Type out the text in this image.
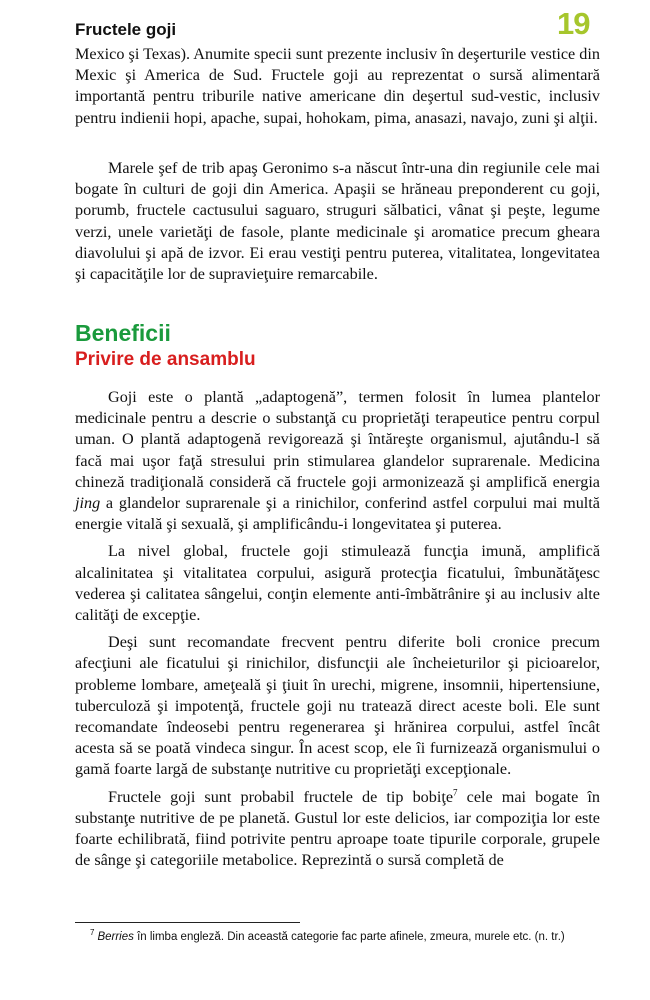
Fructele goji	19

Mexico şi Texas). Anumite specii sunt prezente inclusiv în deşerturile vestice din Mexic şi America de Sud. Fructele goji au reprezentat o sursă alimentară importantă pentru triburile native americane din deşertul sud-vestic, inclusiv pentru indienii hopi, apache, supai, hohokam, pima, anasazi, navajo, zuni şi alţii.

Marele şef de trib apaş Geronimo s-a născut într-una din regiunile cele mai bogate în culturi de goji din America. Apaşii se hrăneau preponderent cu goji, porumb, fructele cactusului saguaro, struguri sălbatici, vânat şi peşte, legume verzi, unele varietăţi de fasole, plante medicinale şi aromatice precum gheara diavolului şi apă de izvor. Ei erau vestiţi pentru puterea, vitalitatea, longevitatea şi capacităţile lor de supravieţuire remarcabile.

Beneficii
Privire de ansamblu

Goji este o plantă „adaptogenă”, termen folosit în lumea plantelor medicinale pentru a descrie o substanţă cu proprietăţi terapeutice pentru corpul uman. O plantă adaptogenă revigorează şi întăreşte organismul, ajutându-l să facă mai uşor faţă stresului prin stimularea glandelor suprarenale. Medicina chineză tradiţională consideră că fructele goji armonizează şi amplifică energia jing a glandelor suprarenale şi a rinichilor, conferind astfel corpului mai multă energie vitală şi sexuală, şi amplificându-i longevitatea şi puterea.

La nivel global, fructele goji stimulează funcţia imună, amplifică alcalinitatea şi vitalitatea corpului, asigură protecţia ficatului, îmbunătăţesc vederea şi calitatea sângelui, conţin elemente anti-îmbătrânire şi au inclusiv alte calităţi de excepţie.

Deşi sunt recomandate frecvent pentru diferite boli cronice precum afecţiuni ale ficatului şi rinichilor, disfuncţii ale încheieturilor şi picioarelor, probleme lombare, ameţeală şi ţiuit în urechi, migrene, insomnii, hipertensiune, tuberculoză şi impotenţă, fructele goji nu tratează direct aceste boli. Ele sunt recomandate îndeosebi pentru regenerarea şi hrănirea corpului, astfel încât acesta să se poată vindeca singur. În acest scop, ele îi furnizează organismului o gamă foarte largă de substanţe nutritive cu proprietăţi excepţionale.

Fructele goji sunt probabil fructele de tip bobiţe$^7$ cele mai bogate în substanţe nutritive de pe planetă. Gustul lor este delicios, iar compoziţia lor este foarte echilibrată, fiind potrivite pentru aproape toate tipurile corporale, grupele de sânge şi categoriile metabolice. Reprezintă o sursă completă de

$^7$ Berries în limba engleză. Din această categorie fac parte afinele, zmeura, murele etc. (n. tr.)
